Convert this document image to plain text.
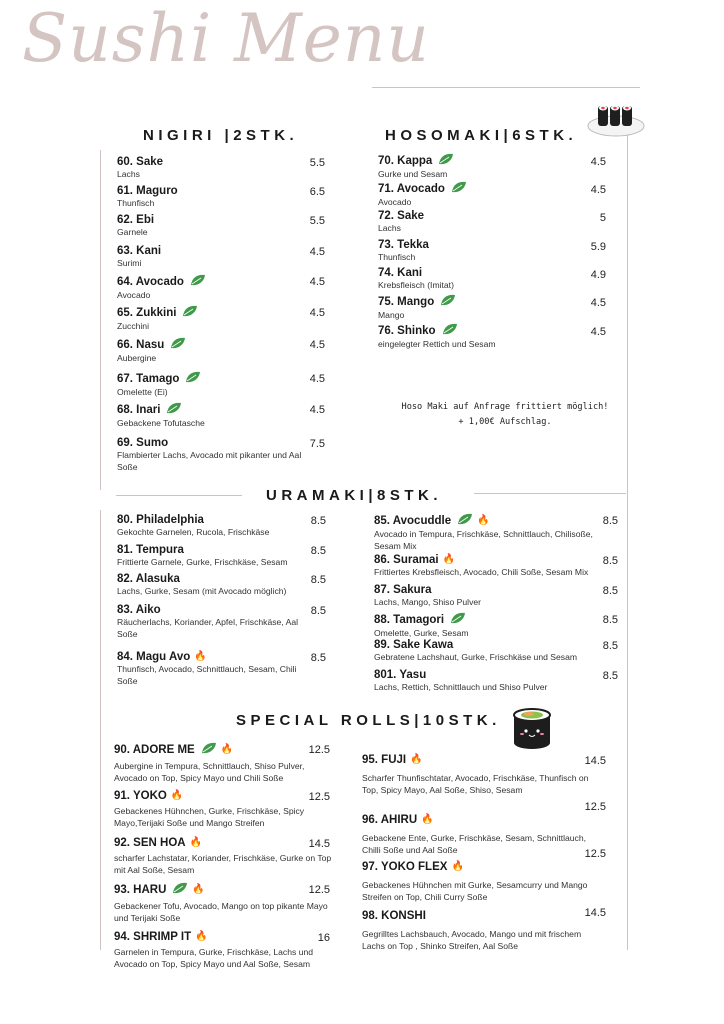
Sushi Menu
NIGIRI |2STK.	HOSOMAKI|6STK.
60. Sake
Lachs
5.5
61. Maguro
Thunfisch
6.5
62. Ebi
Garnele
5.5
63. Kani
Surimi
4.5
64. Avocado
Avocado
4.5
65. Zukkini
Zucchini
4.5
66. Nasu
Aubergine
4.5
67. Tamago
Omelette (Ei)
4.5
68. Inari
Gebackene Tofutasche
4.5
69. Sumo
Flambierter Lachs, Avocado mit pikanter und Aal Soße
7.5
70. Kappa
Gurke und Sesam
4.5
71. Avocado
Avocado
4.5
72. Sake
Lachs
5
73. Tekka
Thunfisch
5.9
74. Kani
Krebsfleisch (Imitat)
4.9
75. Mango
Mango
4.5
76. Shinko
eingelegter Rettich und Sesam
4.5
Hoso Maki auf Anfrage frittiert möglich!
+ 1,00€ Aufschlag.
URAMAKI|8STK.
80. Philadelphia
Gekochte Garnelen, Rucola, Frischkäse
8.5
81. Tempura
Frittierte Garnele, Gurke, Frischkäse, Sesam
8.5
82. Alasuka
Lachs, Gurke, Sesam (mit Avocado möglich)
8.5
83. Aiko
Räucherlachs, Koriander, Apfel, Frischkäse, Aal Soße
8.5
84. Magu Avo 🔥
Thunfisch, Avocado, Schnittlauch, Sesam, Chili Soße
8.5
85. Avocuddle	🔥
Avocado in Tempura, Frischkäse, Schnittlauch, Chilisoße, Sesam Mix
8.5
86. Suramai 🔥
Frittiertes Krebsfleisch, Avocado, Chili Soße, Sesam Mix
8.5
87. Sakura
Lachs, Mango, Shiso Pulver
8.5
88. Tamagori
Omelette, Gurke, Sesam
8.5
89. Sake Kawa
Gebratene Lachshaut, Gurke, Frischkäse und Sesam
8.5
801. Yasu
Lachs, Rettich, Schnittlauch und Shiso Pulver
8.5
SPECIAL ROLLS|10STK.
90. ADORE ME	🔥
Aubergine in Tempura, Schnittlauch, Shiso Pulver, Avocado on Top, Spicy Mayo und Chili Soße
12.5
91. YOKO 🔥
Gebackenes Hühnchen, Gurke, Frischkäse, Spicy Mayo,Terijaki Soße und Mango Streifen
12.5
92. SEN HOA 🔥
scharfer Lachstatar, Koriander, Frischkäse, Gurke on Top mit Aal Soße, Sesam
14.5
93. HARU	🔥
Gebackener Tofu, Avocado, Mango on top pikante Mayo und Terijaki Soße
12.5
94. SHRIMP IT 🔥
Garnelen in Tempura, Gurke, Frischkäse, Lachs und Avocado on Top, Spicy Mayo und Aal Soße, Sesam
16
95. FUJI 🔥
Scharfer Thunfischtatar, Avocado, Frischkäse, Thunfisch on Top, Spicy Mayo, Aal Soße, Shiso, Sesam
14.5
96. AHIRU 🔥
Gebackene Ente, Gurke, Frischkäse, Sesam, Schnittlauch, Chilli Soße und Aal Soße
12.5
97. YOKO FLEX 🔥
Gebackenes Hühnchen mit Gurke, Sesamcurry und Mango Streifen on Top, Chili Curry Soße
12.5
98. KONSHI
Gegrilltes Lachsbauch, Avocado, Mango und mit frischem Lachs on Top , Shinko Streifen, Aal Soße
14.5
